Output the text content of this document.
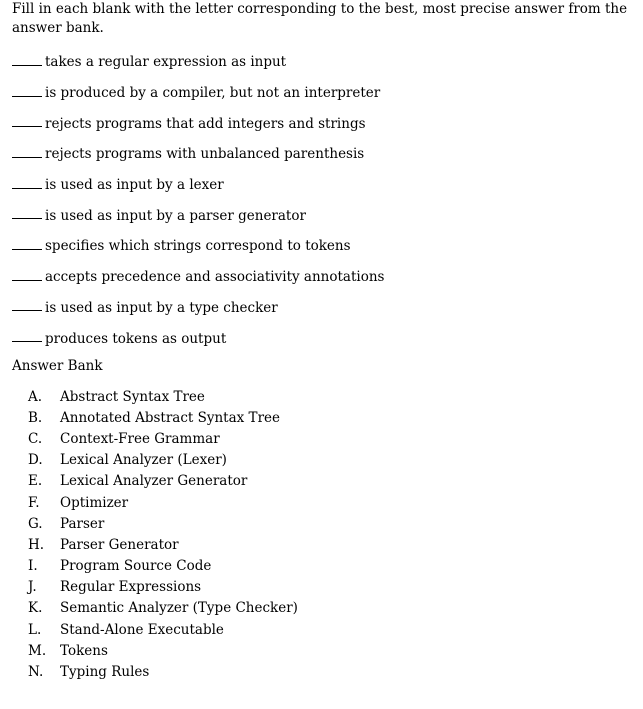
Fill in each blank with the letter corresponding to the best, most precise answer from the answer bank.
takes a regular expression as input
is produced by a compiler, but not an interpreter
rejects programs that add integers and strings
rejects programs with unbalanced parenthesis
is used as input by a lexer
is used as input by a parser generator
specifies which strings correspond to tokens
accepts precedence and associativity annotations
is used as input by a type checker
produces tokens as output
Answer Bank
A.	Abstract Syntax Tree
B.	Annotated Abstract Syntax Tree
C.	Context-Free Grammar
D.	Lexical Analyzer (Lexer)
E.	Lexical Analyzer Generator
F.	Optimizer
G.	Parser
H.	Parser Generator
I.	Program Source Code
J.	Regular Expressions
K.	Semantic Analyzer (Type Checker)
L.	Stand-Alone Executable
M.	Tokens
N.	Typing Rules
